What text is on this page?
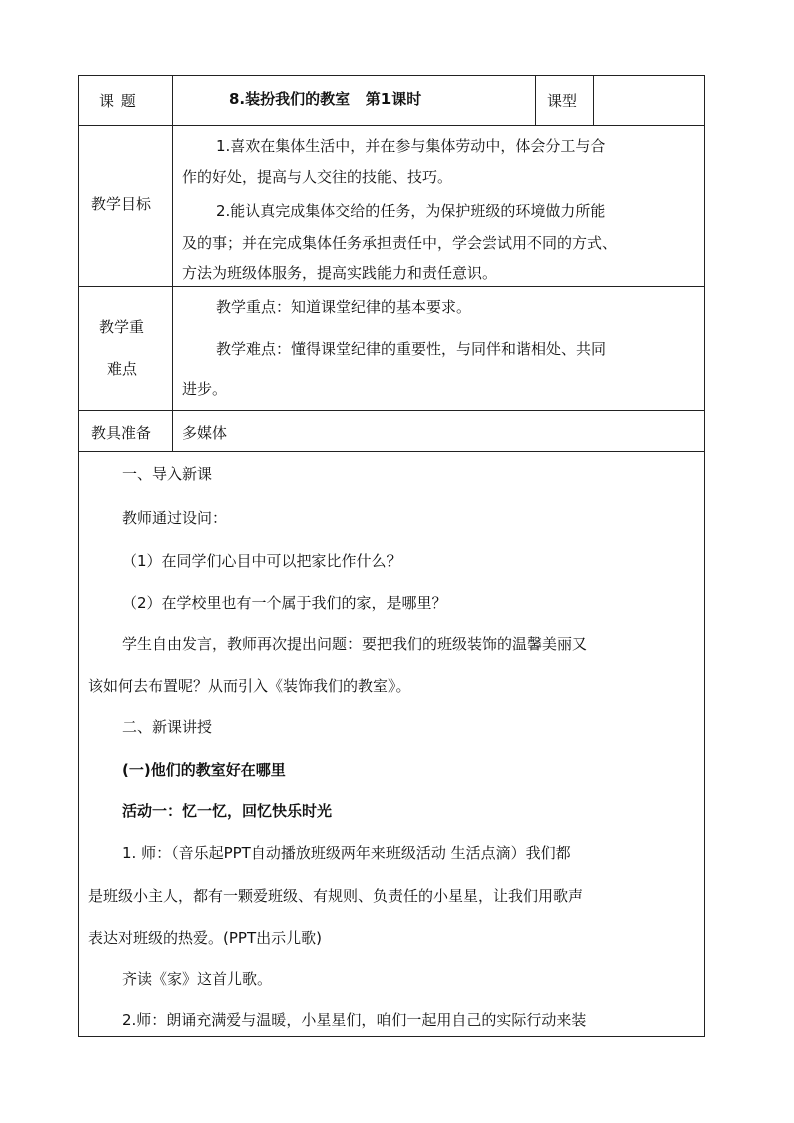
课 题	8.装扮我们的教室   第1课时	课型
教学目标
1.喜欢在集体生活中，并在参与集体劳动中，体会分工与合
作的好处，提高与人交往的技能、技巧。
2.能认真完成集体交给的任务，为保护班级的环境做力所能
及的事；并在完成集体任务承担责任中，学会尝试用不同的方式、
方法为班级体服务，提高实践能力和责任意识。
教学重
难点
教学重点：知道课堂纪律的基本要求。
教学难点：懂得课堂纪律的重要性，与同伴和谐相处、共同
进步。
教具准备 多媒体
一、导入新课
教师通过设问：
（1）在同学们心目中可以把家比作什么？
（2）在学校里也有一个属于我们的家，是哪里？
学生自由发言，教师再次提出问题：要把我们的班级装饰的温馨美丽又
该如何去布置呢？从而引入《装饰我们的教室》。
二、新课讲授
(一)他们的教室好在哪里
活动一：忆一忆，回忆快乐时光
1. 师：（音乐起PPT自动播放班级两年来班级活动 生活点滴）我们都
是班级小主人，都有一颗爱班级、有规则、负责任的小星星，让我们用歌声
表达对班级的热爱。(PPT出示儿歌)
齐读《家》这首儿歌。
2.师：朗诵充满爱与温暖，小星星们，咱们一起用自己的实际行动来装
